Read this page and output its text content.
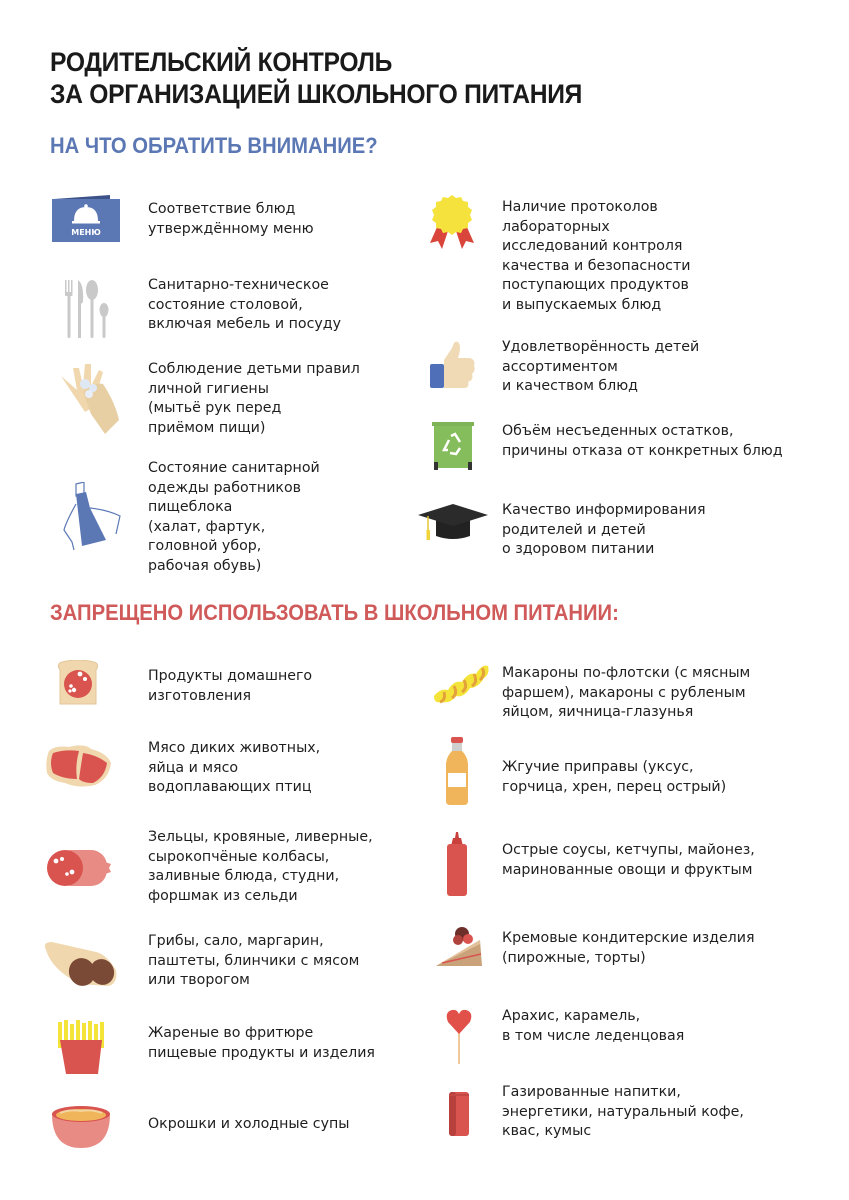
РОДИТЕЛЬСКИЙ КОНТРОЛЬ
ЗА ОРГАНИЗАЦИЕЙ ШКОЛЬНОГО ПИТАНИЯ
НА ЧТО ОБРАТИТЬ ВНИМАНИЕ?
МЕНЮ
Соответствие блюд
утверждённому меню
Санитарно-техническое
состояние столовой,
включая мебель и посуду
Соблюдение детьми правил
личной гигиены
(мытьё рук перед
приёмом пищи)
Состояние санитарной
одежды работников
пищеблока
(халат, фартук,
головной убор,
рабочая обувь)
Наличие протоколов
лабораторных
исследований контроля
качества и безопасности
поступающих продуктов
и выпускаемых блюд
Удовлетворённость детей
ассортиментом
и качеством блюд
Объём несъеденных остатков,
причины отказа от конкретных блюд
Качество информирования
родителей и детей
о здоровом питании
ЗАПРЕЩЕНО ИСПОЛЬЗОВАТЬ В ШКОЛЬНОМ ПИТАНИИ:
Продукты домашнего
изготовления
Мясо диких животных,
яйца и мясо
водоплавающих птиц
Зельцы, кровяные, ливерные,
сырокопчёные колбасы,
заливные блюда, студни,
форшмак из сельди
Грибы, сало, маргарин,
паштеты, блинчики с мясом
или творогом
Жареные во фритюре
пищевые продукты и изделия
Окрошки и холодные супы
Макароны по-флотски (с мясным
фаршем), макароны с рубленым
яйцом, яичница-глазунья
Жгучие приправы (уксус,
горчица, хрен, перец острый)
Острые соусы, кетчупы, майонез,
маринованные овощи и фруктым
Кремовые кондитерские изделия
(пирожные, торты)
Арахис, карамель,
в том числе леденцовая
Газированные напитки,
энергетики, натуральный кофе,
квас, кумыс
